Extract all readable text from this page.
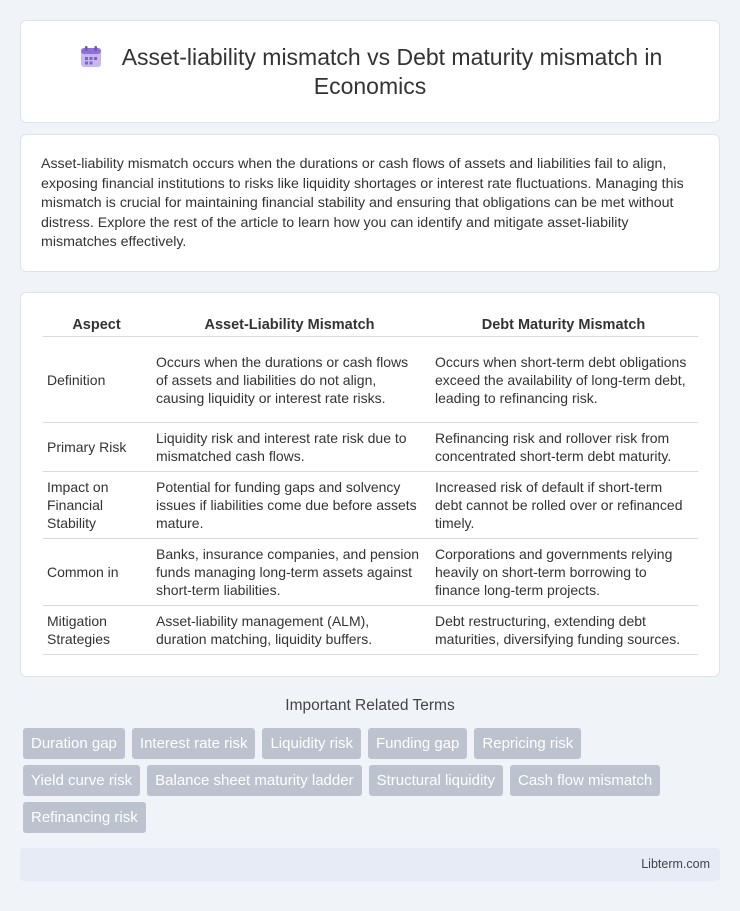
Asset-liability mismatch vs Debt maturity mismatch in Economics

Asset-liability mismatch occurs when the durations or cash flows of assets and liabilities fail to align, exposing financial institutions to risks like liquidity shortages or interest rate fluctuations. Managing this mismatch is crucial for maintaining financial stability and ensuring that obligations can be met without distress. Explore the rest of the article to learn how you can identify and mitigate asset-liability mismatches effectively.

Aspect	Asset-Liability Mismatch	Debt Maturity Mismatch
Definition	Occurs when the durations or cash flows of assets and liabilities do not align, causing liquidity or interest rate risks.	Occurs when short-term debt obligations exceed the availability of long-term debt, leading to refinancing risk.
Primary Risk	Liquidity risk and interest rate risk due to mismatched cash flows.	Refinancing risk and rollover risk from concentrated short-term debt maturity.
Impact on Financial Stability	Potential for funding gaps and solvency issues if liabilities come due before assets mature.	Increased risk of default if short-term debt cannot be rolled over or refinanced timely.
Common in	Banks, insurance companies, and pension funds managing long-term assets against short-term liabilities.	Corporations and governments relying heavily on short-term borrowing to finance long-term projects.
Mitigation Strategies	Asset-liability management (ALM), duration matching, liquidity buffers.	Debt restructuring, extending debt maturities, diversifying funding sources.
Important Related Terms
Duration gap	Interest rate risk	Liquidity risk	Funding gap	Repricing risk
Yield curve risk	Balance sheet maturity ladder	Structural liquidity	Cash flow mismatch
Refinancing risk
Libterm.com
